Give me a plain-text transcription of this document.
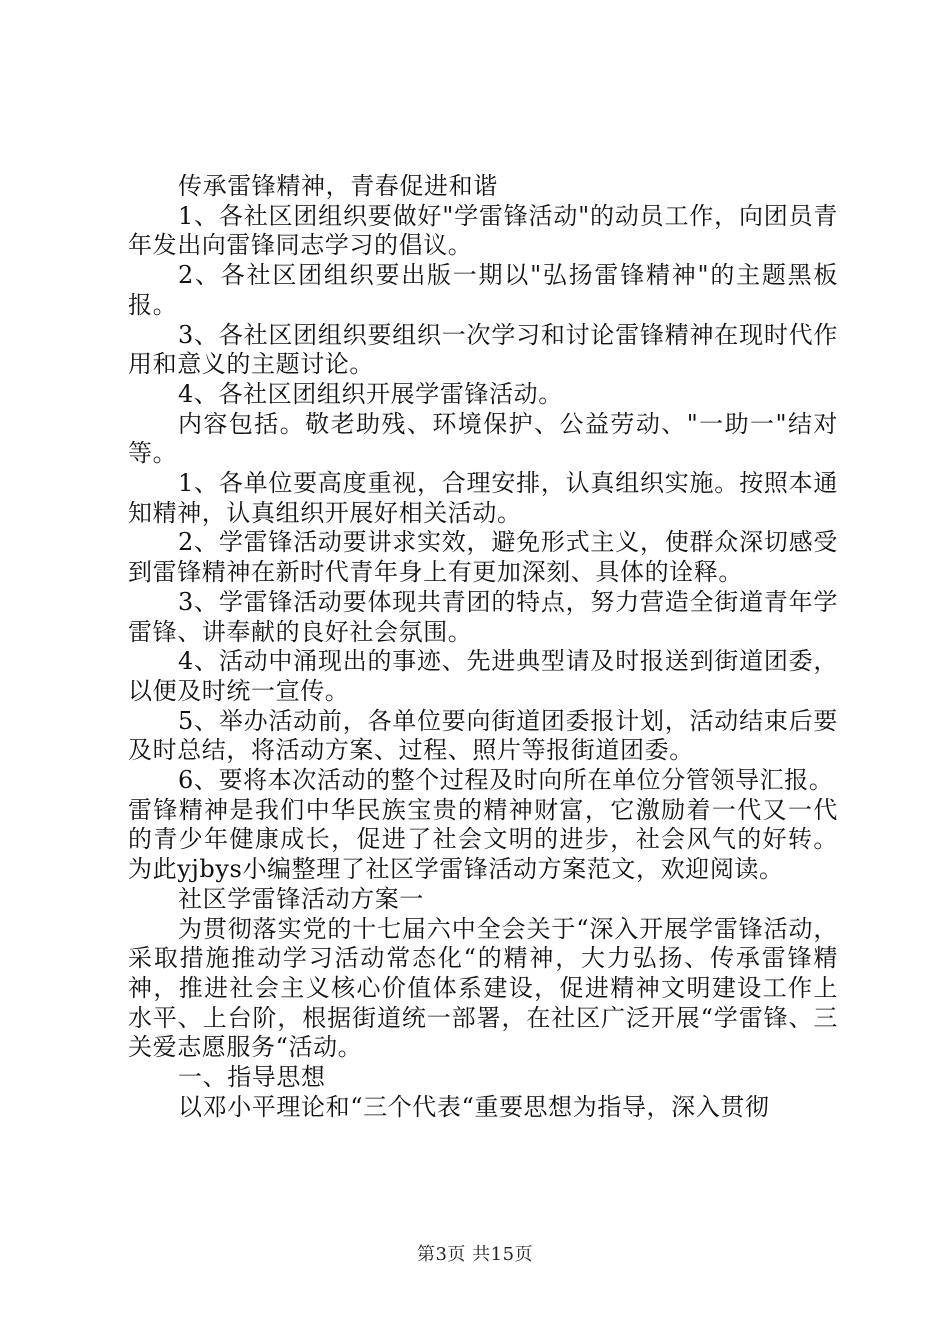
传承雷锋精神，青春促进和谐

1、各社区团组织要做好"学雷锋活动"的动员工作，向团员青年发出向雷锋同志学习的倡议。

2、各社区团组织要出版一期以"弘扬雷锋精神"的主题黑板报。

3、各社区团组织要组织一次学习和讨论雷锋精神在现时代作用和意义的主题讨论。

4、各社区团组织开展学雷锋活动。

内容包括。敬老助残、环境保护、公益劳动、"一助一"结对等。

1、各单位要高度重视，合理安排，认真组织实施。按照本通知精神，认真组织开展好相关活动。

2、学雷锋活动要讲求实效，避免形式主义，使群众深切感受到雷锋精神在新时代青年身上有更加深刻、具体的诠释。

3、学雷锋活动要体现共青团的特点，努力营造全街道青年学雷锋、讲奉献的良好社会氛围。

4、活动中涌现出的事迹、先进典型请及时报送到街道团委，以便及时统一宣传。

5、举办活动前，各单位要向街道团委报计划，活动结束后要及时总结，将活动方案、过程、照片等报街道团委。

6、要将本次活动的整个过程及时向所在单位分管领导汇报。

雷锋精神是我们中华民族宝贵的精神财富，它激励着一代又一代的青少年健康成长，促进了社会文明的进步，社会风气的好转。为此yjbys小编整理了社区学雷锋活动方案范文，欢迎阅读。

社区学雷锋活动方案一

为贯彻落实党的十七届六中全会关于“深入开展学雷锋活动，采取措施推动学习活动常态化“的精神，大力弘扬、传承雷锋精神，推进社会主义核心价值体系建设，促进精神文明建设工作上水平、上台阶，根据街道统一部署，在社区广泛开展“学雷锋、三关爱志愿服务“活动。

一、指导思想

以邓小平理论和“三个代表“重要思想为指导，深入贯彻

第3页 共15页
